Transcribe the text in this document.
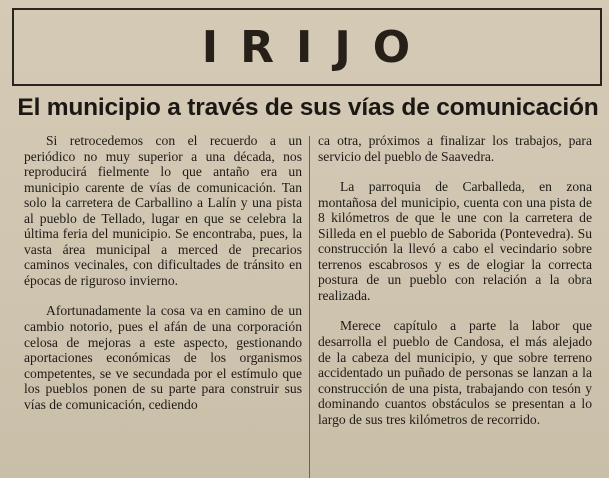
IRIJO
El municipio a través de sus vías de comunicación

Si retrocedemos con el recuerdo a un periódico no muy superior a una década, nos reproducirá fielmente lo que antaño era un municipio carente de vías de comunicación. Tan solo la carretera de Carballino a Lalín y una pista al pueblo de Tellado, lugar en que se celebra la última feria del municipio. Se encontraba, pues, la vasta área municipal a merced de precarios caminos vecinales, con dificultades de tránsito en épocas de riguroso invierno.

Afortunadamente la cosa va en camino de un cambio notorio, pues el afán de una corporación celosa de mejoras a este aspecto, gestionando aportaciones económicas de los organismos competentes, se ve secundada por el estímulo que los pueblos ponen de su parte para construir sus vías de comunicación, cediendo

ca otra, próximos a finalizar los trabajos, para servicio del pueblo de Saavedra.

La parroquia de Carballeda, en zona montañosa del municipio, cuenta con una pista de 8 kilómetros de que le une con la carretera de Silleda en el pueblo de Saborida (Pontevedra). Su construcción la llevó a cabo el vecindario sobre terrenos escabrosos y es de elogiar la correcta postura de un pueblo con relación a la obra realizada.

Merece capítulo a parte la labor que desarrolla el pueblo de Candosa, el más alejado de la cabeza del municipio, y que sobre terreno accidentado un puñado de personas se lanzan a la construcción de una pista, trabajando con tesón y dominando cuantos obstáculos se presentan a lo largo de sus tres kilómetros de recorrido.
